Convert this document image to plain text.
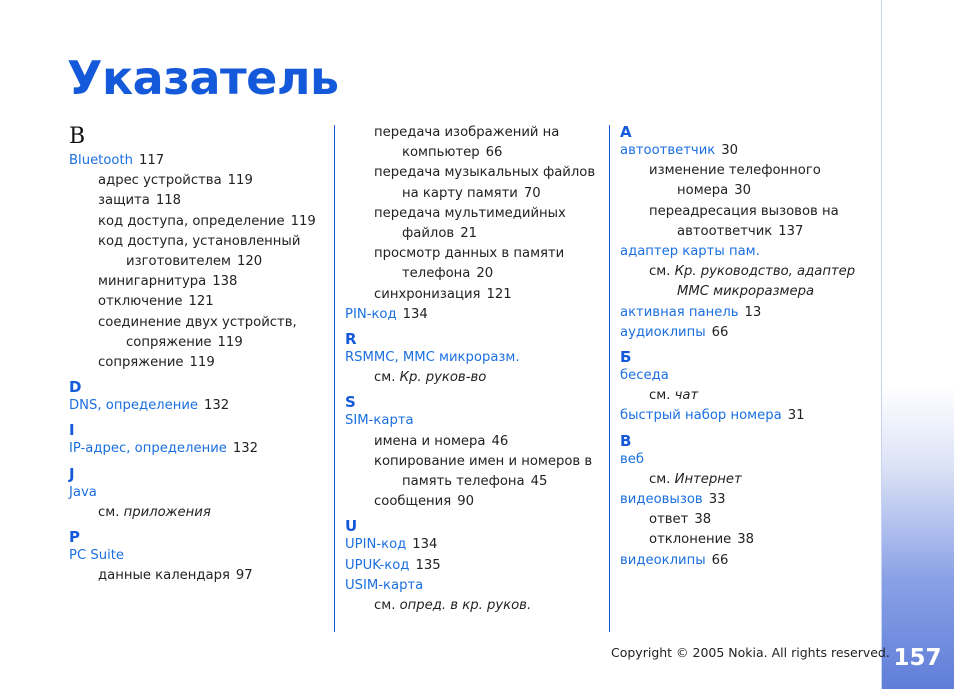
157
Указатель
B
Bluetooth 117
адрес устройства 119
защита 118
код доступа, определение 119
код доступа, установленный
изготовителем 120
минигарнитура 138
отключение 121
соединение двух устройств,
сопряжение 119
сопряжение 119
D
DNS, определение 132
I
IP-адрес, определение 132
J
Java
см. приложения
P
PC Suite
данные календаря 97
передача изображений на
компьютер 66
передача музыкальных файлов
на карту памяти 70
передача мультимедийных
файлов 21
просмотр данных в памяти
телефона 20
синхронизация 121
PIN-код 134
R
RSMMC, MMC микроразм.
см. Кр. руков-во
S
SIM-карта
имена и номера 46
копирование имен и номеров в
память телефона 45
сообщения 90
U
UPIN-код 134
UPUK-код 135
USIM-карта
см. опред. в кр. руков.
А
автоответчик 30
изменение телефонного
номера 30
переадресация вызовов на
автоответчик 137
адаптер карты пам.
см. Кр. руководство, адаптер
MMC микроразмера
активная панель 13
аудиоклипы 66
Б
беседа
см. чат
быстрый набор номера 31
В
веб
см. Интернет
видеовызов 33
ответ 38
отклонение 38
видеоклипы 66
Copyright © 2005 Nokia. All rights reserved.
